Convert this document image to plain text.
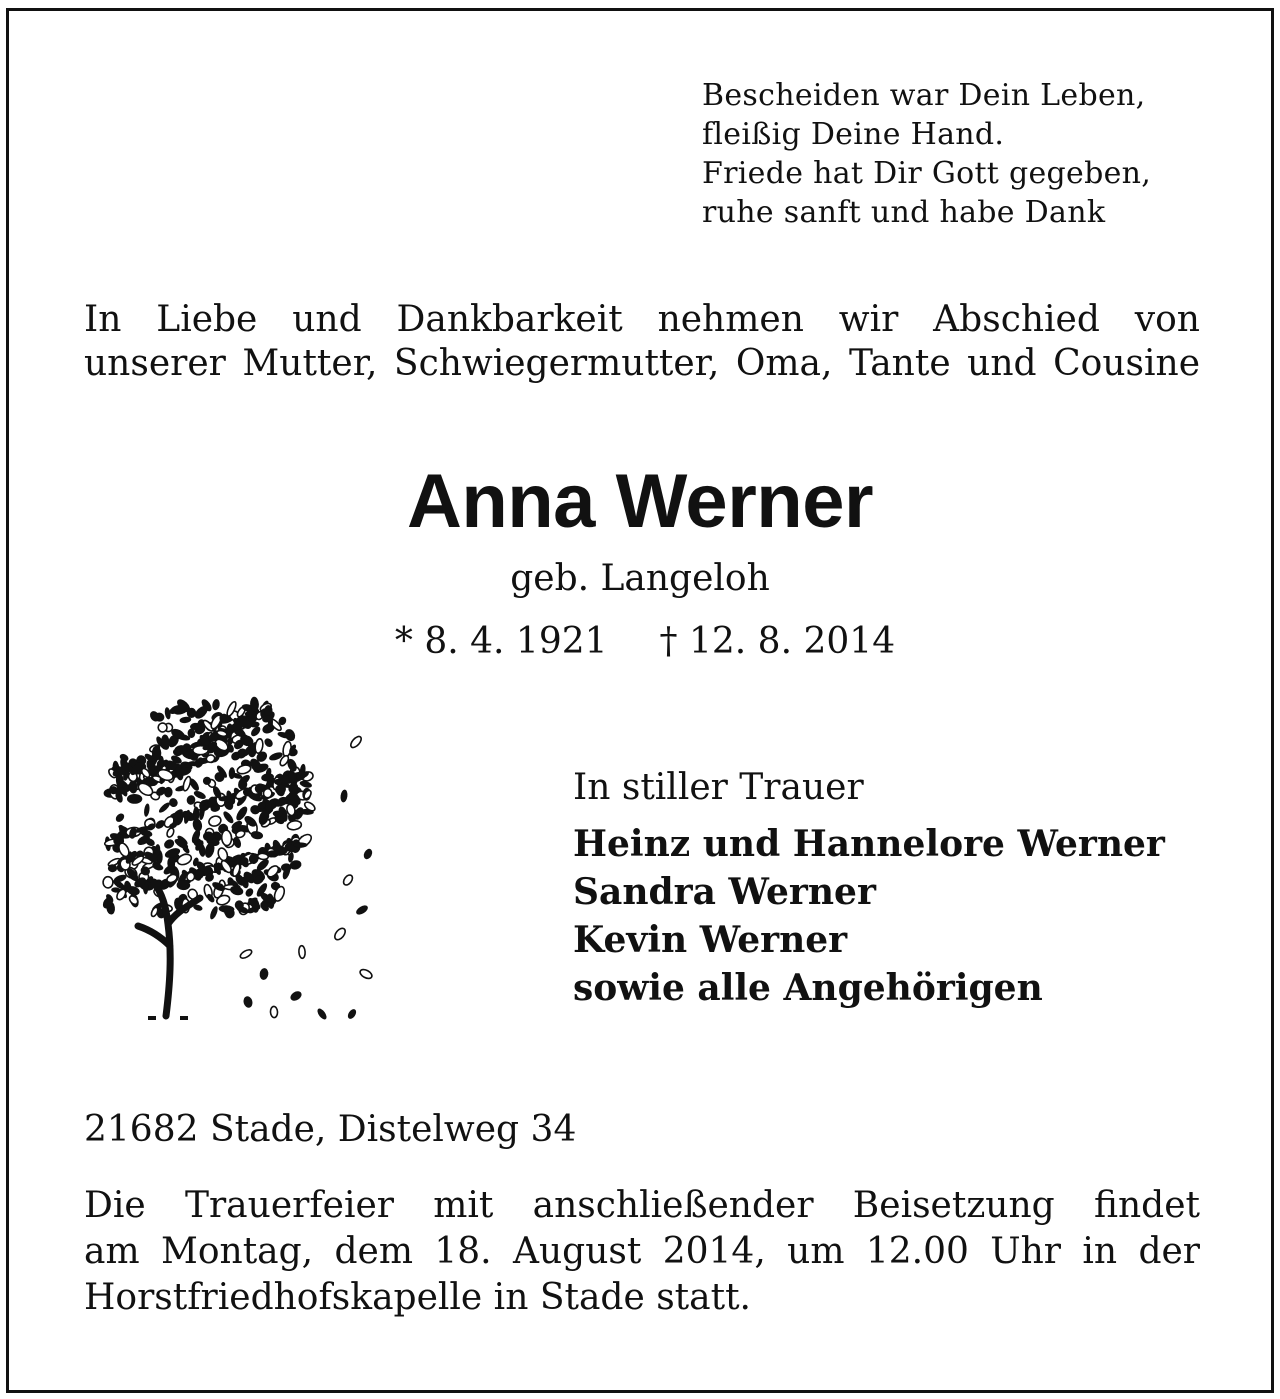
Bescheiden war Dein Leben,
fleißig Deine Hand.
Friede hat Dir Gott gegeben,
ruhe sanft und habe Dank
In Liebe und Dankbarkeit nehmen wir Abschied von
unserer Mutter, Schwiegermutter, Oma, Tante und Cousine
Anna Werner
geb. Langeloh
* 8. 4. 1921 † 12. 8. 2014
In stiller Trauer
Heinz und Hannelore Werner
Sandra Werner
Kevin Werner
sowie alle Angehörigen
21682 Stade, Distelweg 34
Die Trauerfeier mit anschließender Beisetzung findet
am Montag, dem 18. August 2014, um 12.00 Uhr in der
Horstfriedhofskapelle in Stade statt.
